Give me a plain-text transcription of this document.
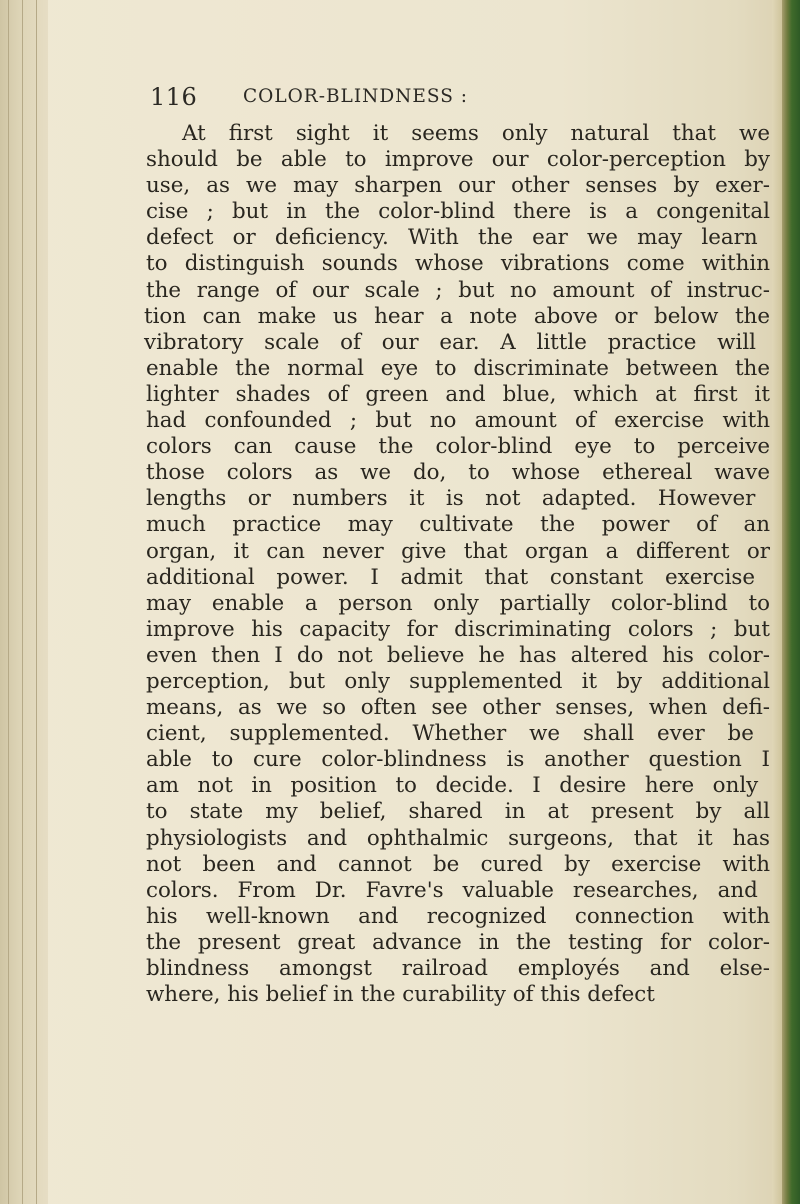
116 COLOR-BLINDNESS :
At first sight it seems only natural that we
should be able to improve our color-perception by
use, as we may sharpen our other senses by exer-
cise ; but in the color-blind there is a congenital
defect or deficiency. With the ear we may learn
to distinguish sounds whose vibrations come within
the range of our scale ; but no amount of instruc-
tion can make us hear a note above or below the
vibratory scale of our ear. A little practice will
enable the normal eye to discriminate between the
lighter shades of green and blue, which at first it
had confounded ; but no amount of exercise with
colors can cause the color-blind eye to perceive
those colors as we do, to whose ethereal wave
lengths or numbers it is not adapted. However
much practice may cultivate the power of an
organ, it can never give that organ a different or
additional power. I admit that constant exercise
may enable a person only partially color-blind to
improve his capacity for discriminating colors ; but
even then I do not believe he has altered his color-
perception, but only supplemented it by additional
means, as we so often see other senses, when defi-
cient, supplemented. Whether we shall ever be
able to cure color-blindness is another question I
am not in position to decide. I desire here only
to state my belief, shared in at present by all
physiologists and ophthalmic surgeons, that it has
not been and cannot be cured by exercise with
colors. From Dr. Favre's valuable researches, and
his well-known and recognized connection with
the present great advance in the testing for color-
blindness amongst railroad employés and else-
where, his belief in the curability of this defect
